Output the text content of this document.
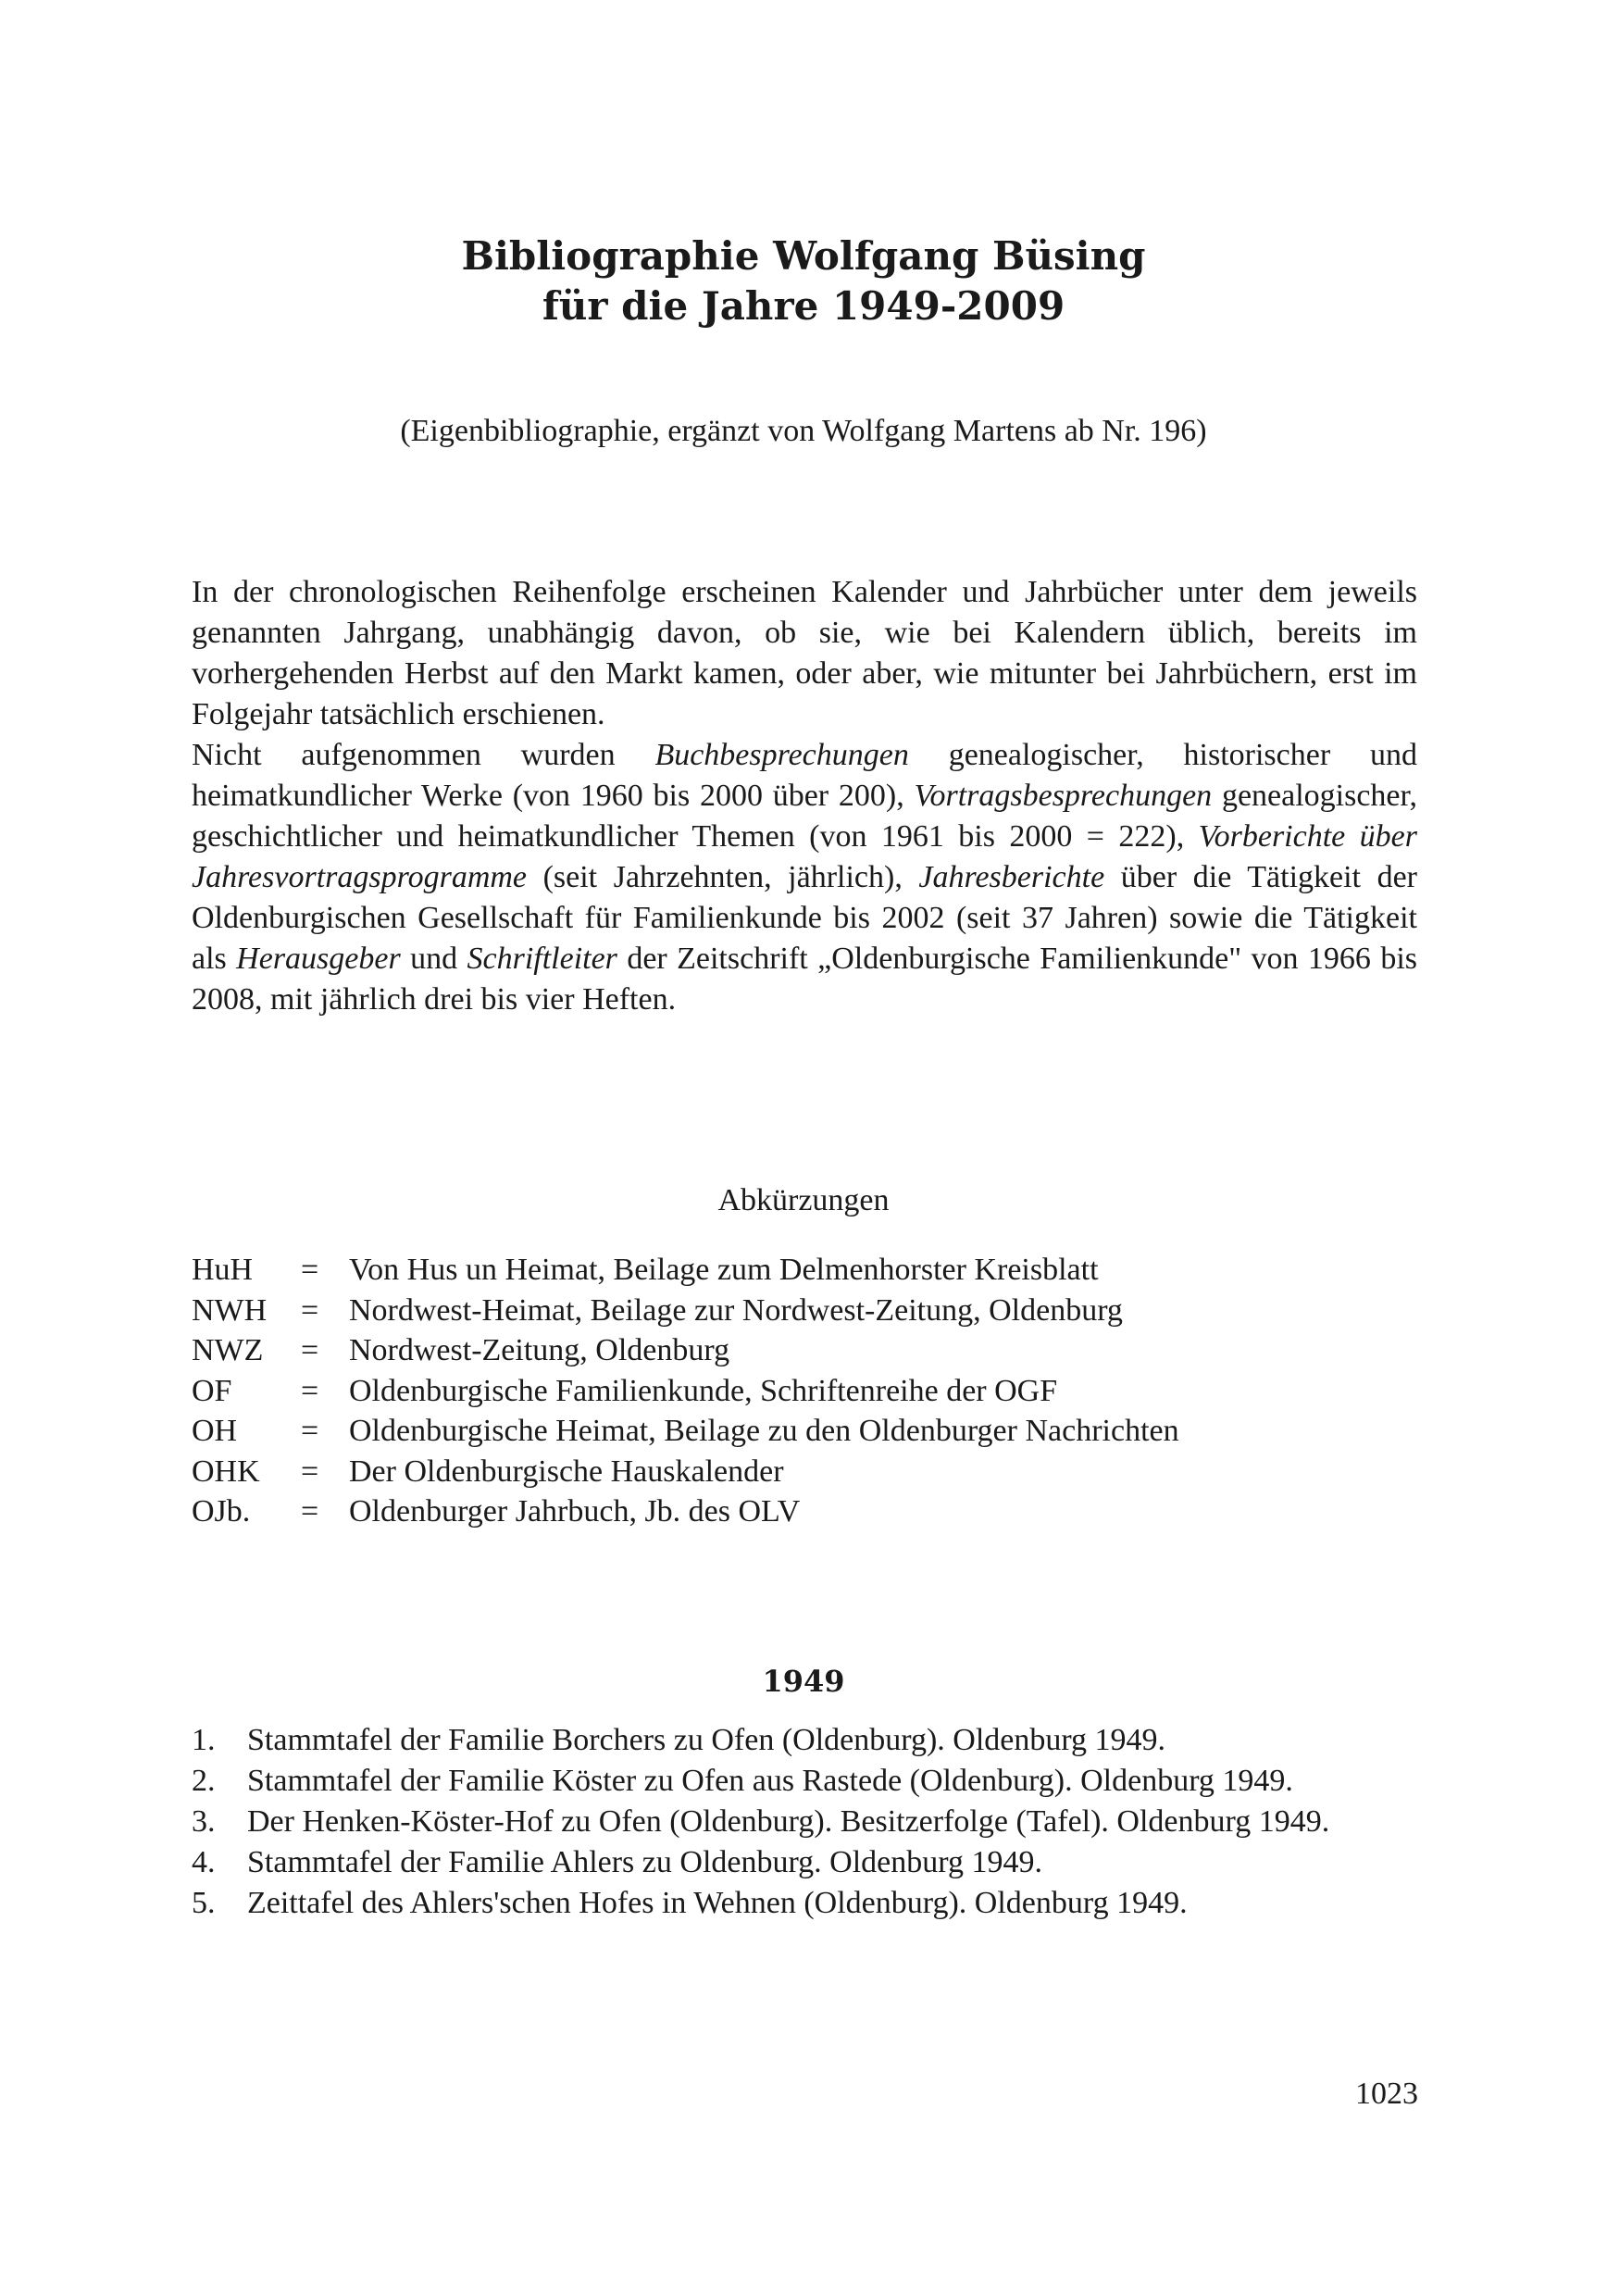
Bibliographie Wolfgang Büsing
für die Jahre 1949-2009
(Eigenbibliographie, ergänzt von Wolfgang Martens ab Nr. 196)

In der chronologischen Reihenfolge erscheinen Kalender und Jahrbücher unter dem jeweils genannten Jahrgang, unabhängig davon, ob sie, wie bei Kalendern üblich, bereits im vorhergehenden Herbst auf den Markt kamen, oder aber, wie mitunter bei Jahrbüchern, erst im Folgejahr tatsächlich erschienen.

Nicht aufgenommen wurden Buchbesprechungen genealogischer, historischer und heimatkundlicher Werke (von 1960 bis 2000 über 200), Vortragsbesprechungen genealogischer, geschichtlicher und heimatkundlicher Themen (von 1961 bis 2000 = 222), Vorberichte über Jahresvortragsprogramme (seit Jahrzehnten, jährlich), Jahresberichte über die Tätigkeit der Oldenburgischen Gesellschaft für Familienkunde bis 2002 (seit 37 Jahren) sowie die Tätigkeit als Herausgeber und Schriftleiter der Zeitschrift „Oldenburgische Familienkunde" von 1966 bis 2008, mit jährlich drei bis vier Heften.

Abkürzungen
HuH	= Von Hus un Heimat, Beilage zum Delmenhorster Kreisblatt
NWH	= Nordwest-Heimat, Beilage zur Nordwest-Zeitung, Oldenburg
NWZ	= Nordwest-Zeitung, Oldenburg
OF	= Oldenburgische Familienkunde, Schriftenreihe der OGF
OH	= Oldenburgische Heimat, Beilage zu den Oldenburger Nachrichten
OHK	= Der Oldenburgische Hauskalender
OJb.	= Oldenburger Jahrbuch, Jb. des OLV
1949
1.	Stammtafel der Familie Borchers zu Ofen (Oldenburg). Oldenburg 1949.
2.	Stammtafel der Familie Köster zu Ofen aus Rastede (Oldenburg). Oldenburg 1949.
3.	Der Henken-Köster-Hof zu Ofen (Oldenburg). Besitzerfolge (Tafel). Oldenburg 1949.
4.	Stammtafel der Familie Ahlers zu Oldenburg. Oldenburg 1949.
5.	Zeittafel des Ahlers'schen Hofes in Wehnen (Oldenburg). Oldenburg 1949.
1023
